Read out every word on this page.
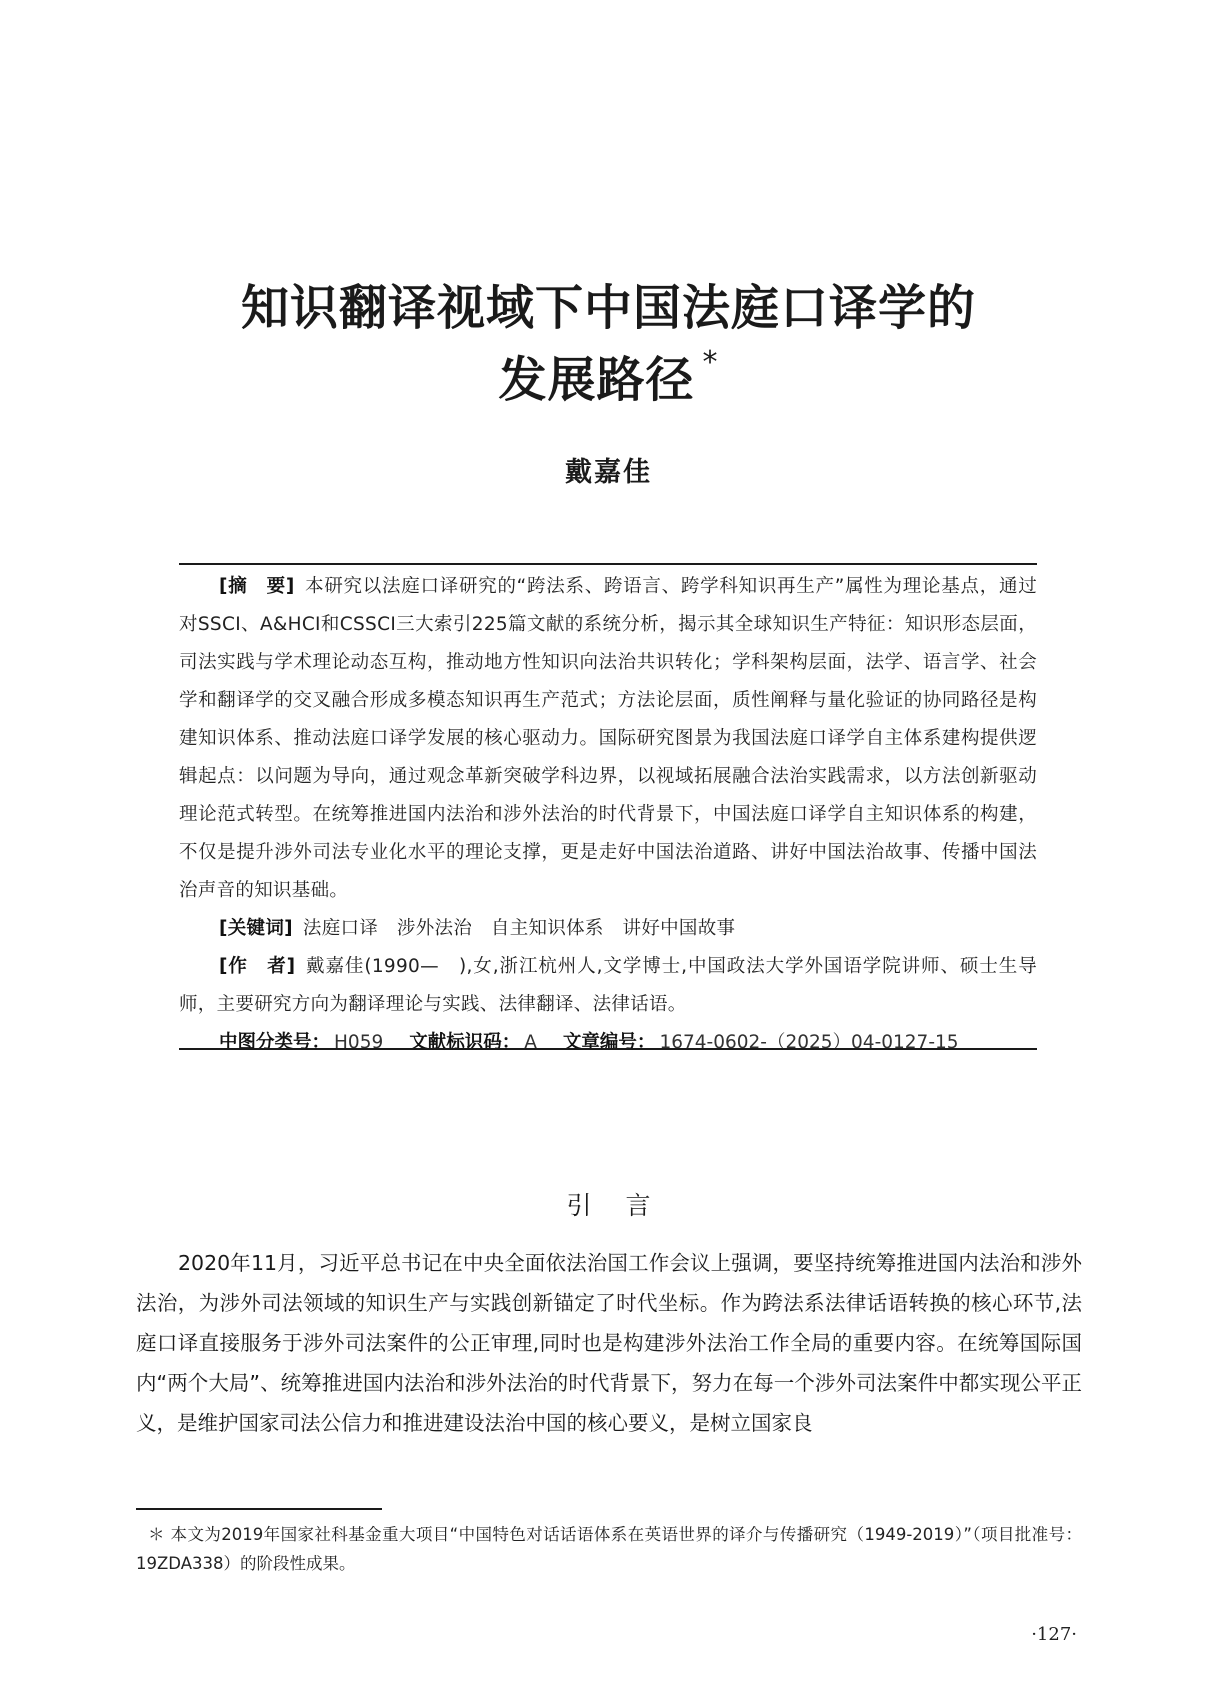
知识翻译视域下中国法庭口译学的
发展路径 *
戴嘉佳

[摘　要] 本研究以法庭口译研究的“跨法系、跨语言、跨学科知识再生产”属性为理论基点，通过对SSCI、A&HCI和CSSCI三大索引225篇文献的系统分析，揭示其全球知识生产特征：知识形态层面，司法实践与学术理论动态互构，推动地方性知识向法治共识转化；学科架构层面，法学、语言学、社会学和翻译学的交叉融合形成多模态知识再生产范式；方法论层面，质性阐释与量化验证的协同路径是构建知识体系、推动法庭口译学发展的核心驱动力。国际研究图景为我国法庭口译学自主体系建构提供逻辑起点：以问题为导向，通过观念革新突破学科边界，以视域拓展融合法治实践需求，以方法创新驱动理论范式转型。在统筹推进国内法治和涉外法治的时代背景下，中国法庭口译学自主知识体系的构建，不仅是提升涉外司法专业化水平的理论支撑，更是走好中国法治道路、讲好中国法治故事、传播中国法治声音的知识基础。

[关键词] 法庭口译　涉外法治　自主知识体系　讲好中国故事

[作　者] 戴嘉佳(1990—　),女,浙江杭州人,文学博士,中国政法大学外国语学院讲师、硕士生导师，主要研究方向为翻译理论与实践、法律翻译、法律话语。

中图分类号： H059 文献标识码： A 文章编号： 1674-0602-（2025）04-0127-15

引言

2020年11月，习近平总书记在中央全面依法治国工作会议上强调，要坚持统筹推进国内法治和涉外法治，为涉外司法领域的知识生产与实践创新锚定了时代坐标。作为跨法系法律话语转换的核心环节,法庭口译直接服务于涉外司法案件的公正审理,同时也是构建涉外法治工作全局的重要内容。在统筹国际国内“两个大局”、统筹推进国内法治和涉外法治的时代背景下，努力在每一个涉外司法案件中都实现公平正义，是维护国家司法公信力和推进建设法治中国的核心要义，是树立国家良

＊ 本文为2019年国家社科基金重大项目“中国特色对话话语体系在英语世界的译介与传播研究（1949-2019）”（项目批准号：19ZDA338）的阶段性成果。

·127·
